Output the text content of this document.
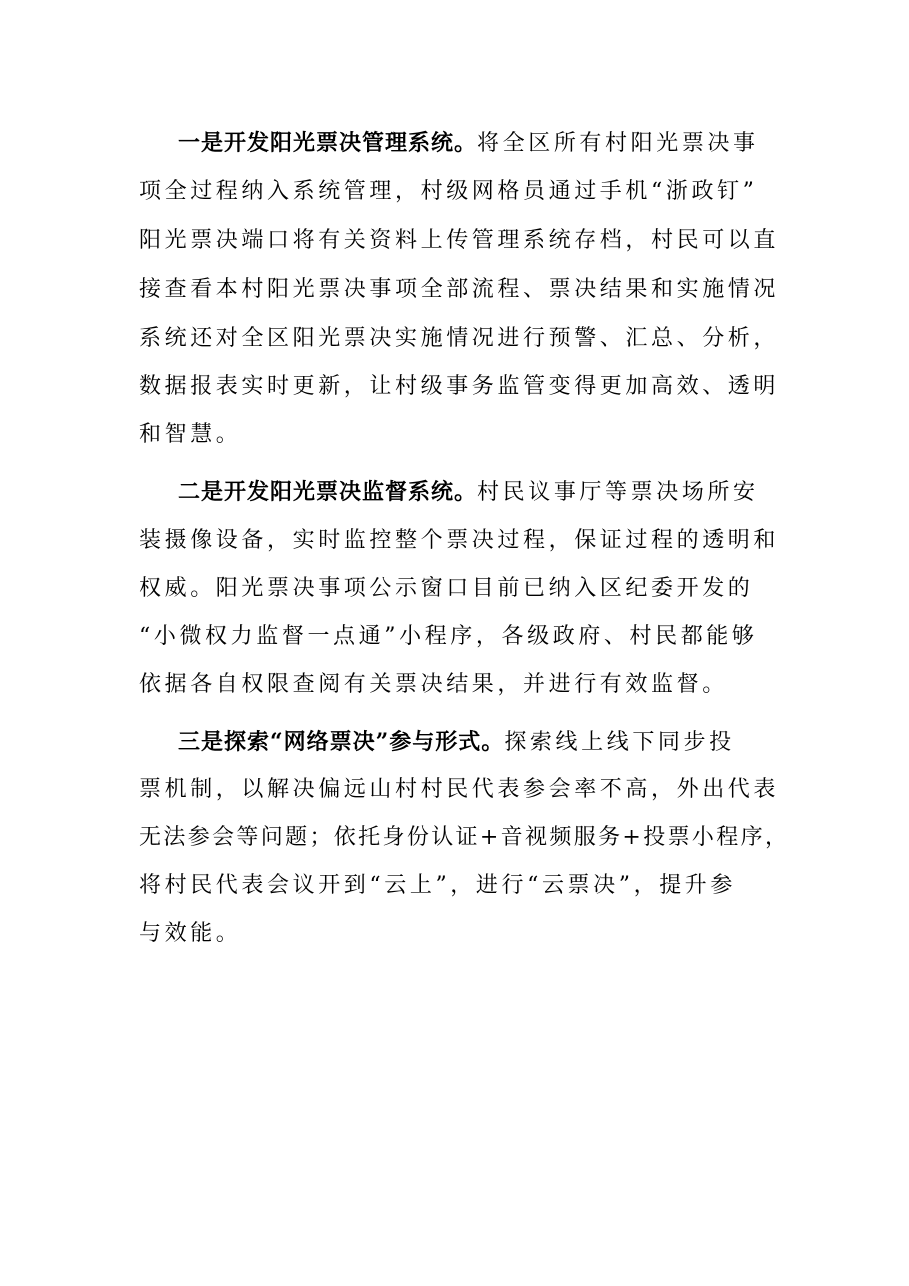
一是开发阳光票决管理系统。将全区所有村阳光票决事
项全过程纳入系统管理，村级网格员通过手机“浙政钉”
阳光票决端口将有关资料上传管理系统存档，村民可以直
接查看本村阳光票决事项全部流程、票决结果和实施情况
系统还对全区阳光票决实施情况进行预警、汇总、分析，
数据报表实时更新，让村级事务监管变得更加高效、透明
和智慧。
二是开发阳光票决监督系统。村民议事厅等票决场所安
装摄像设备，实时监控整个票决过程，保证过程的透明和
权威。阳光票决事项公示窗口目前已纳入区纪委开发的
“小微权力监督一点通”小程序，各级政府、村民都能够
依据各自权限查阅有关票决结果，并进行有效监督。
三是探索“网络票决”参与形式。探索线上线下同步投
票机制，以解决偏远山村村民代表参会率不高，外出代表
无法参会等问题；依托身份认证+音视频服务+投票小程序，
将村民代表会议开到“云上”，进行“云票决”，提升参
与效能。
